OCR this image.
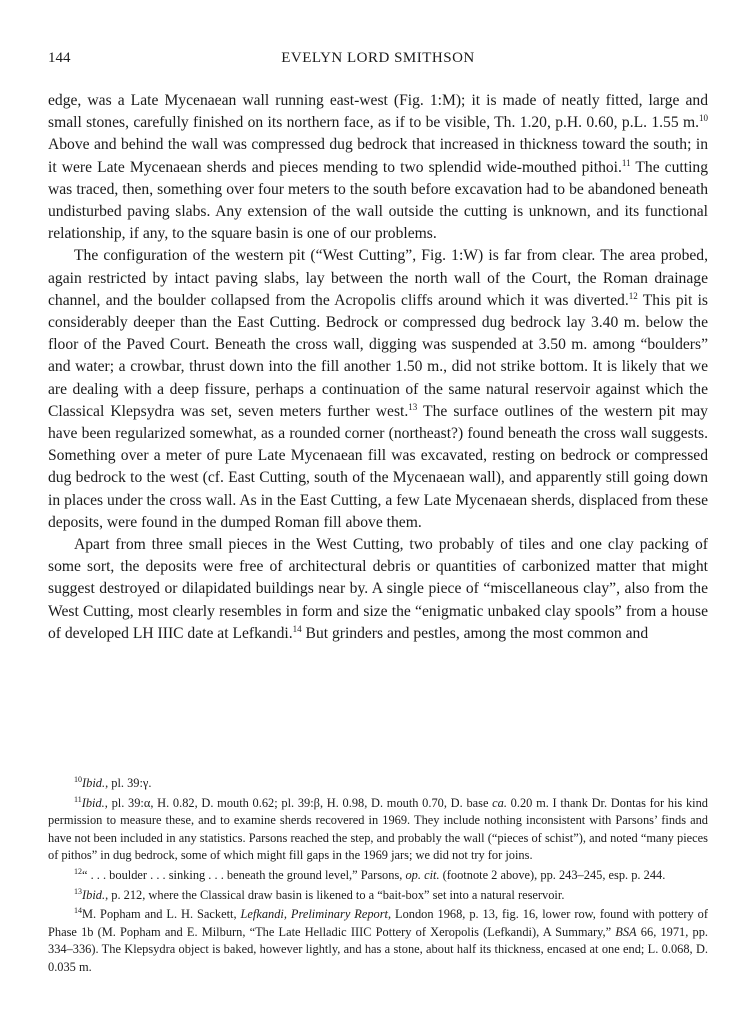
144	EVELYN LORD SMITHSON

edge, was a Late Mycenaean wall running east-west (Fig. 1:M); it is made of neatly fitted, large and small stones, carefully finished on its northern face, as if to be visible, Th. 1.20, p.H. 0.60, p.L. 1.55 m.$^{10}$ Above and behind the wall was compressed dug bedrock that increased in thickness toward the south; in it were Late Mycenaean sherds and pieces mending to two splendid wide-mouthed pithoi.$^{11}$ The cutting was traced, then, something over four meters to the south before excavation had to be abandoned beneath undisturbed paving slabs. Any extension of the wall outside the cutting is unknown, and its functional relationship, if any, to the square basin is one of our problems.

The configuration of the western pit (“West Cutting”, Fig. 1:W) is far from clear. The area probed, again restricted by intact paving slabs, lay between the north wall of the Court, the Roman drainage channel, and the boulder collapsed from the Acropolis cliffs around which it was diverted.$^{12}$ This pit is considerably deeper than the East Cutting. Bedrock or compressed dug bedrock lay 3.40 m. below the floor of the Paved Court. Beneath the cross wall, digging was suspended at 3.50 m. among “boulders” and water; a crowbar, thrust down into the fill another 1.50 m., did not strike bottom. It is likely that we are dealing with a deep fissure, perhaps a continuation of the same natural reservoir against which the Classical Klepsydra was set, seven meters further west.$^{13}$ The surface outlines of the western pit may have been regularized somewhat, as a rounded corner (northeast?) found beneath the cross wall suggests. Something over a meter of pure Late Mycenaean fill was excavated, resting on bedrock or compressed dug bedrock to the west (cf. East Cutting, south of the Mycenaean wall), and apparently still going down in places under the cross wall. As in the East Cutting, a few Late Mycenaean sherds, displaced from these deposits, were found in the dumped Roman fill above them.

Apart from three small pieces in the West Cutting, two probably of tiles and one clay packing of some sort, the deposits were free of architectural debris or quantities of carbonized matter that might suggest destroyed or dilapidated buildings near by. A single piece of “miscellaneous clay”, also from the West Cutting, most clearly resembles in form and size the “enigmatic unbaked clay spools” from a house of developed LH IIIC date at Lefkandi.$^{14}$ But grinders and pestles, among the most common and

$^{10}$Ibid., pl. 39:γ.

$^{11}$Ibid., pl. 39:α, H. 0.82, D. mouth 0.62; pl. 39:β, H. 0.98, D. mouth 0.70, D. base ca. 0.20 m. I thank Dr. Dontas for his kind permission to measure these, and to examine sherds recovered in 1969. They include nothing inconsistent with Parsons’ finds and have not been included in any statistics. Parsons reached the step, and probably the wall (“pieces of schist”), and noted “many pieces of pithos” in dug bedrock, some of which might fill gaps in the 1969 jars; we did not try for joins.

$^{12}$“ . . . boulder . . . sinking . . . beneath the ground level,” Parsons, op. cit. (footnote 2 above), pp. 243–245, esp. p. 244.

$^{13}$Ibid., p. 212, where the Classical draw basin is likened to a “bait-box” set into a natural reservoir.

$^{14}$M. Popham and L. H. Sackett, Lefkandi, Preliminary Report, London 1968, p. 13, fig. 16, lower row, found with pottery of Phase 1b (M. Popham and E. Milburn, “The Late Helladic IIIC Pottery of Xeropolis (Lefkandi), A Summary,” BSA 66, 1971, pp. 334–336). The Klepsydra object is baked, however lightly, and has a stone, about half its thickness, encased at one end; L. 0.068, D. 0.035 m.
